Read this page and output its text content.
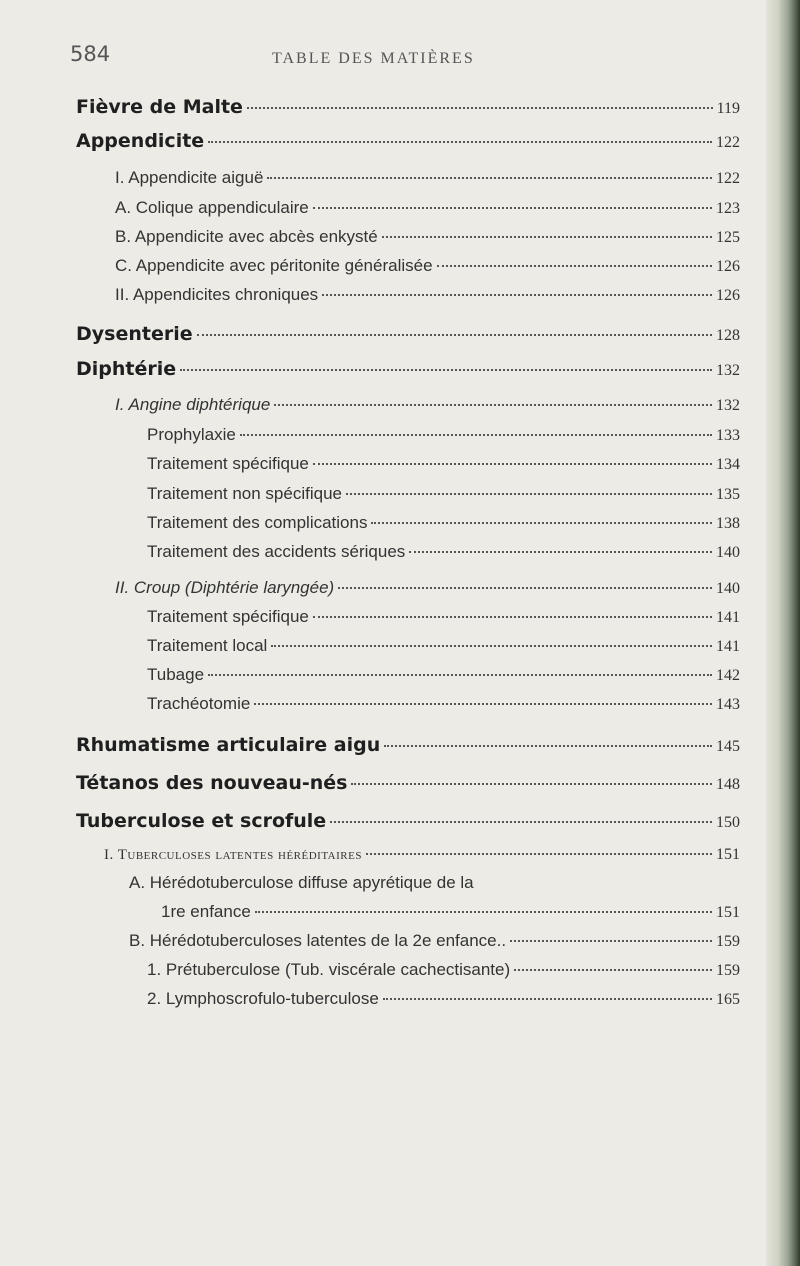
584	TABLE DES MATIÈRES
Fièvre de Malte	119
Appendicite	122
I. Appendicite aiguë	122
A. Colique appendiculaire	123
B. Appendicite avec abcès enkysté	125
C. Appendicite avec péritonite généralisée	126
II. Appendicites chroniques	126
Dysenterie	128
Diphtérie	132
I. Angine diphtérique	132
Prophylaxie	133
Traitement spécifique	134
Traitement non spécifique	135
Traitement des complications	138
Traitement des accidents sériques	140
II. Croup (Diphtérie laryngée)	140
Traitement spécifique	141
Traitement local	141
Tubage	142
Trachéotomie	143
Rhumatisme articulaire aigu	145
Tétanos des nouveau-nés	148
Tuberculose et scrofule	150
I. Tuberculoses latentes héréditaires	151
A. Hérédotuberculose diffuse apyrétique de la
1re enfance	151
B. Hérédotuberculoses latentes de la 2e enfance..	159
1. Prétuberculose (Tub. viscérale cachectisante)	159
2. Lymphoscrofulo-tuberculose	165
